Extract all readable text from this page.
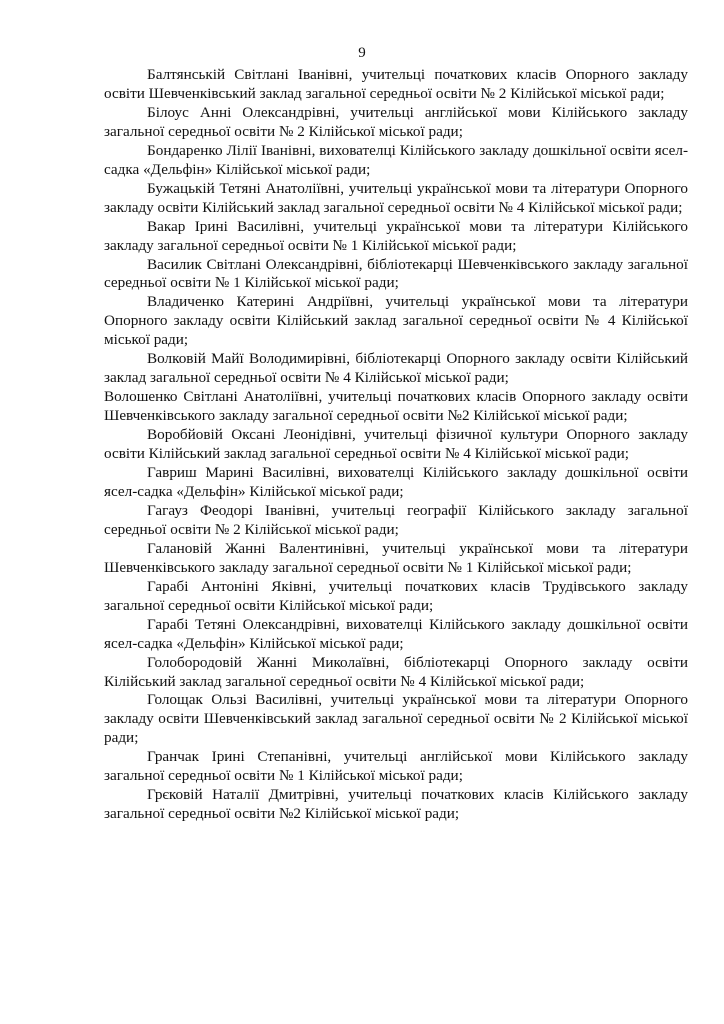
9

Балтянській Світлані Іванівні, учительці початкових класів Опорного закладу освіти Шевченківський заклад загальної середньої освіти № 2 Кілійської міської ради;

Білоус Анні Олександрівні, учительці англійської мови Кілійського закладу загальної середньої освіти № 2 Кілійської міської ради;

Бондаренко Лілії Іванівні, вихователці Кілійського закладу дошкільної освіти ясел-садка «Дельфін» Кілійської міської ради;

Бужацькій Тетяні Анатоліївні, учительці української мови та літератури Опорного закладу освіти Кілійський заклад загальної середньої освіти № 4 Кілійської міської ради;

Вакар Ірині Василівні, учительці української мови та літератури Кілійського закладу загальної середньої освіти № 1 Кілійської міської ради;

Василик Світлані Олександрівні, бібліотекарці Шевченківського закладу загальної середньої освіти № 1 Кілійської міської ради;

Владиченко Катерині Андріївні, учительці української мови та літератури Опорного закладу освіти Кілійський заклад загальної середньої освіти № 4 Кілійської міської ради;

Волковій Майї Володимирівні, бібліотекарці Опорного закладу освіти Кілійський заклад загальної середньої освіти № 4 Кілійської міської ради;

Волошенко Світлані Анатоліївні, учительці початкових класів Опорного закладу освіти Шевченківського закладу загальної середньої освіти №2 Кілійської міської ради;

Воробйовій Оксані Леонідівні, учительці фізичної культури Опорного закладу освіти Кілійський заклад загальної середньої освіти № 4 Кілійської міської ради;

Гавриш Марині Василівні, вихователці Кілійського закладу дошкільної освіти ясел-садка «Дельфін» Кілійської міської ради;

Гагауз Феодорі Іванівні, учительці географії Кілійського закладу загальної середньої освіти № 2 Кілійської міської ради;

Галановій Жанні Валентинівні, учительці української мови та літератури Шевченківського закладу загальної середньої освіти № 1 Кілійської міської ради;

Гарабі Антоніні Яківні, учительці початкових класів Трудівського закладу загальної середньої освіти Кілійської міської ради;

Гарабі Тетяні Олександрівні, вихователці Кілійського закладу дошкільної освіти ясел-садка «Дельфін» Кілійської міської ради;

Голобородовій Жанні Миколаївні, бібліотекарці Опорного закладу освіти Кілійський заклад загальної середньої освіти № 4 Кілійської міської ради;

Голощак Ользі Василівні, учительці української мови та літератури Опорного закладу освіти Шевченківський заклад загальної середньої освіти № 2 Кілійської міської ради;

Гранчак Ірині Степанівні, учительці англійської мови Кілійського закладу загальної середньої освіти № 1 Кілійської міської ради;

Грєковій Наталії Дмитрівні, учительці початкових класів Кілійського закладу загальної середньої освіти №2 Кілійської міської ради;
